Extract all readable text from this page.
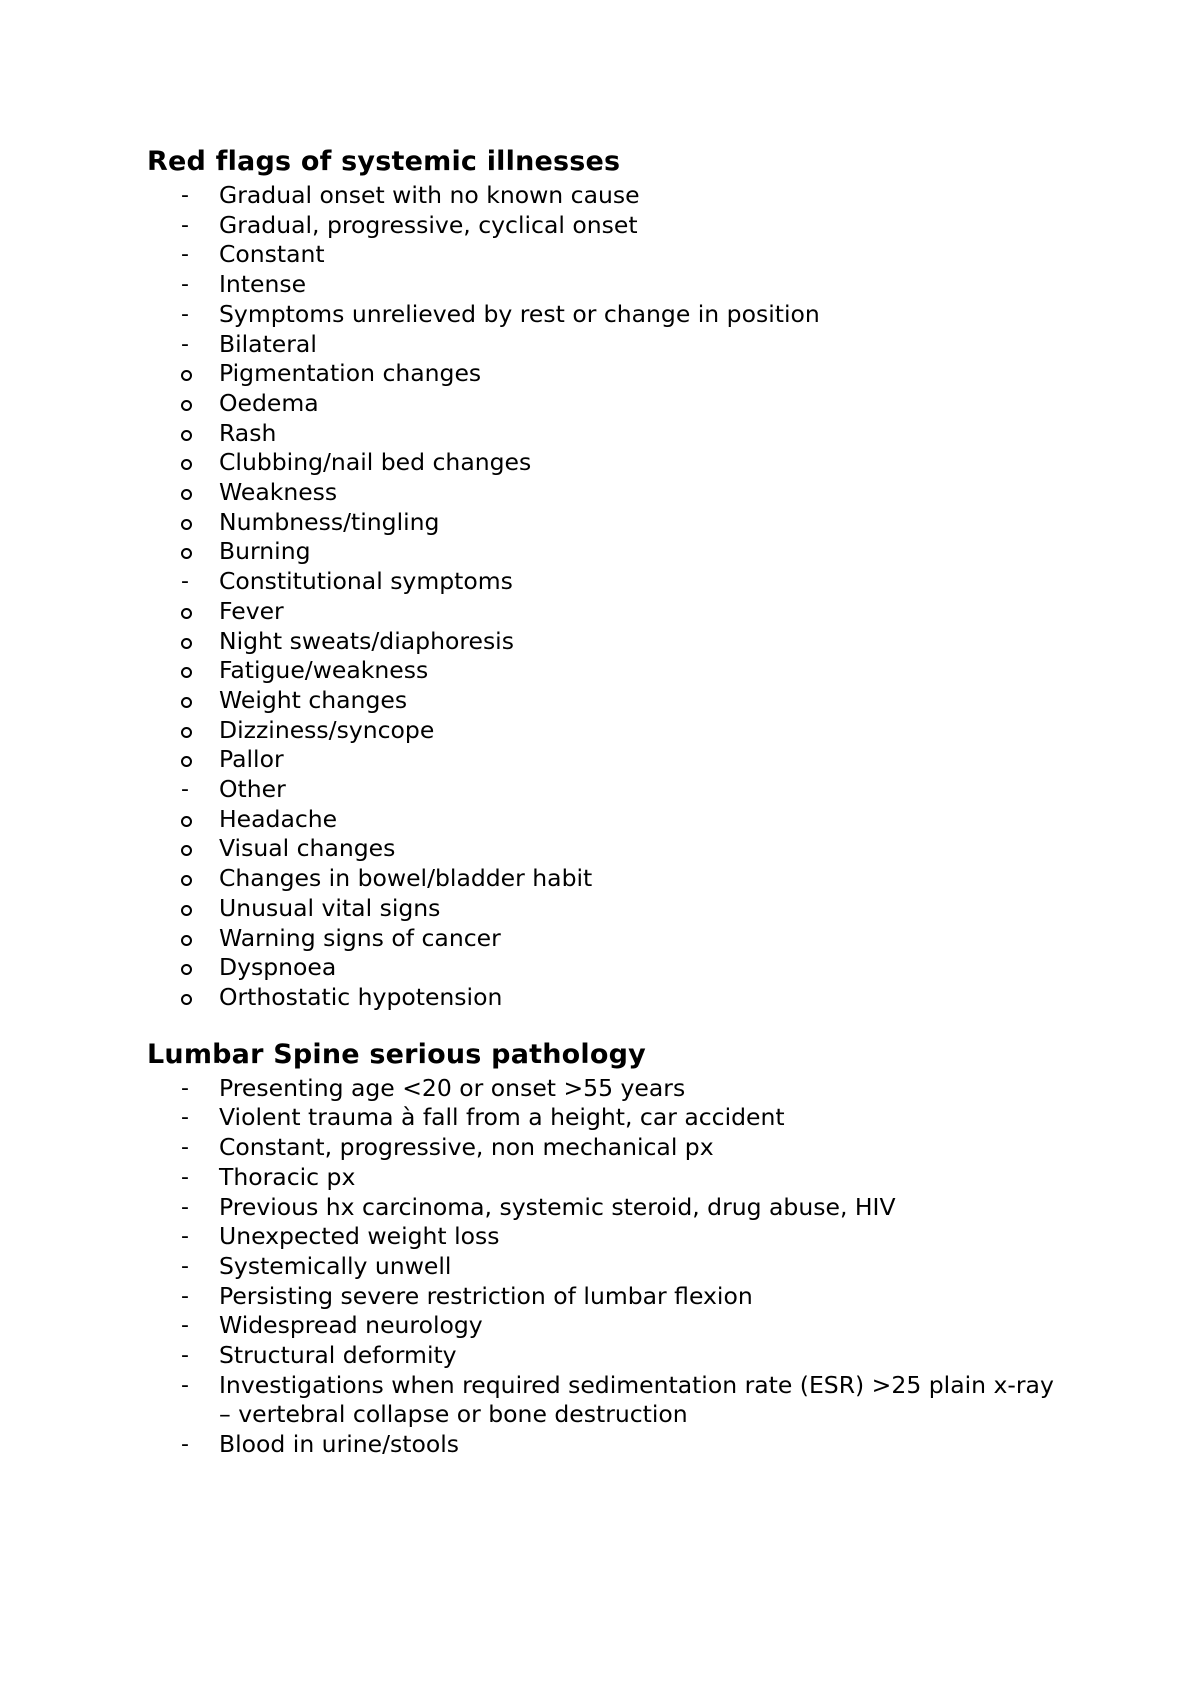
Red flags of systemic illnesses
- Gradual onset with no known cause
- Gradual, progressive, cyclical onset
- Constant
- Intense
- Symptoms unrelieved by rest or change in position
- Bilateral
Pigmentation changes
Oedema
Rash
Clubbing/nail bed changes
Weakness
Numbness/tingling
Burning
- Constitutional symptoms
Fever
Night sweats/diaphoresis
Fatigue/weakness
Weight changes
Dizziness/syncope
Pallor
- Other
Headache
Visual changes
Changes in bowel/bladder habit
Unusual vital signs
Warning signs of cancer
Dyspnoea
Orthostatic hypotension
Lumbar Spine serious pathology
- Presenting age <20 or onset >55 years
- Violent trauma à fall from a height, car accident
- Constant, progressive, non mechanical px
- Thoracic px
- Previous hx carcinoma, systemic steroid, drug abuse, HIV
- Unexpected weight loss
- Systemically unwell
- Persisting severe restriction of lumbar flexion
- Widespread neurology
- Structural deformity
- Investigations when required sedimentation rate (ESR) >25 plain x-ray – vertebral collapse or bone destruction
- Blood in urine/stools
